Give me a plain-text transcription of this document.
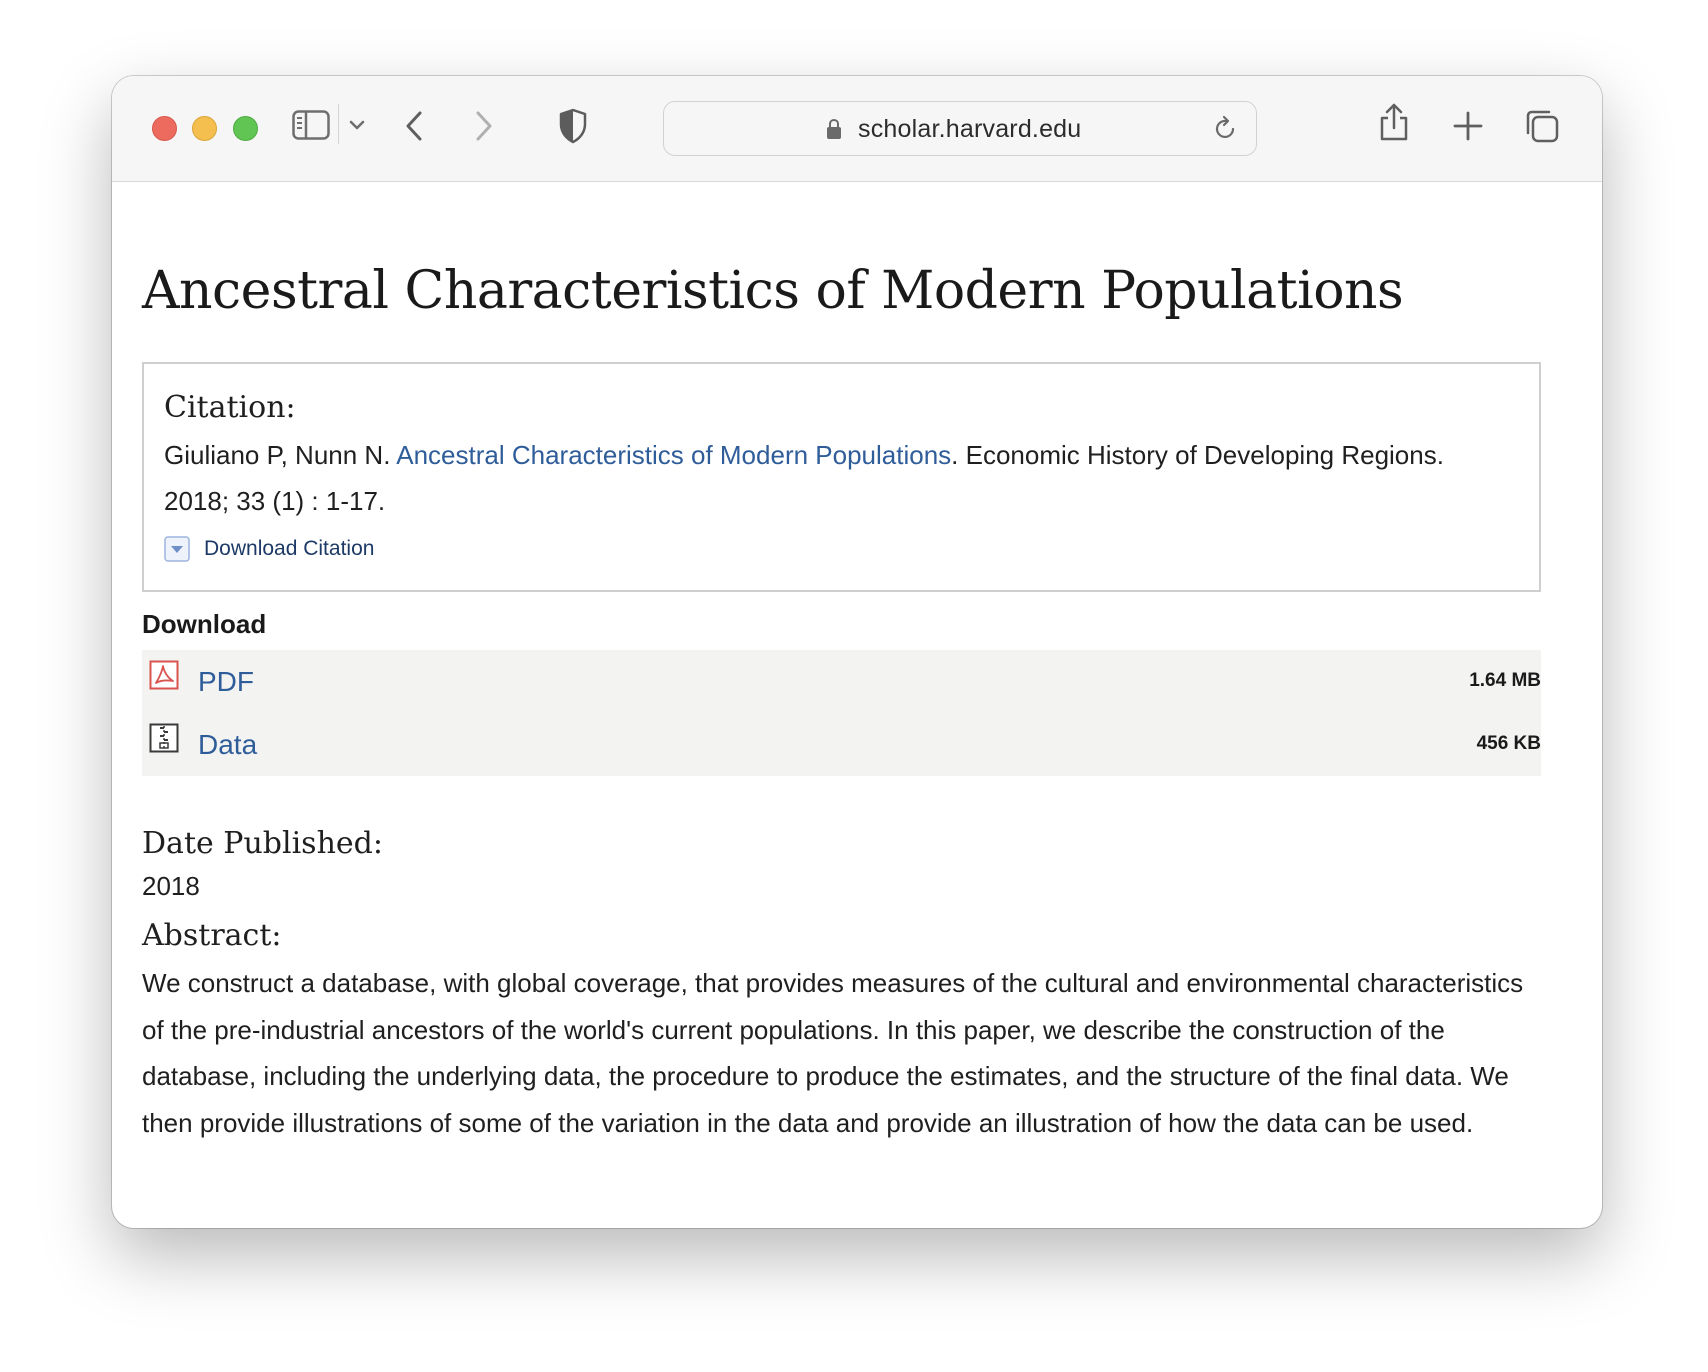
scholar.harvard.edu
Ancestral Characteristics of Modern Populations
Citation:
Giuliano P, Nunn N. Ancestral Characteristics of Modern Populations. Economic History of Developing Regions. 2018; 33 (1) : 1-17.
Download Citation
Download
PDF	1.64 MB
Data	456 KB
Date Published:
2018
Abstract:

We construct a database, with global coverage, that provides measures of the cultural and environmental characteristics of the pre-industrial ancestors of the world's current populations. In this paper, we describe the construction of the database, including the underlying data, the procedure to produce the estimates, and the structure of the final data. We then provide illustrations of some of the variation in the data and provide an illustration of how the data can be used.
